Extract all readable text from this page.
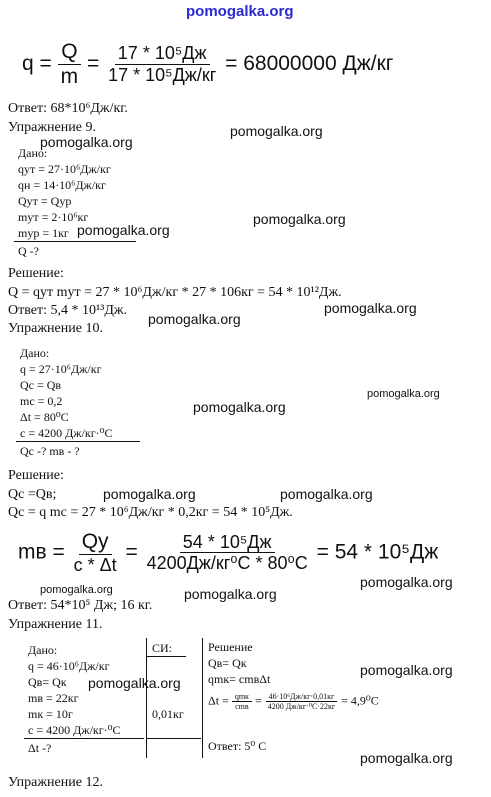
pomogalka.org
pomogalka.org
pomogalka.org
pomogalka.org
pomogalka.org
pomogalka.org
pomogalka.org
pomogalka.org
pomogalka.org
pomogalka.org	pomogalka.org
pomogalka.org
pomogalka.org	pomogalka.org
pomogalka.org
pomogalka.org
pomogalka.org
$q = \frac{Q}{m} = \frac{\text{17 * 10⁵Дж}}{\text{17 * 10⁵Дж/кг}} = 68000000$ Дж/кг
Ответ: 68*10⁶Дж/кг.
Упражнение 9.
Дано:
qут = 27·10⁶Дж/кг
qн = 14·10⁶Дж/кг
Qут = Qур
mут = 2·10⁶кг
mур = 1кг
Q -?
Решение:
Q = qут mут = 27 * 10⁶Дж/кг * 27 * 106кг = 54 * 10¹²Дж.
Ответ: 5,4 * 10¹³Дж.
Упражнение 10.
Дано:
q = 27·10⁶Дж/кг
Qс = Qв
mс = 0,2
Δt = 80⁰C
c = 4200 Дж/кг·⁰C
Qс -? mв - ?
Решение:
Qс =Qв;
Qс = q mс = 27 * 10⁶Дж/кг * 0,2кг = 54 * 10⁵Дж.
mв = $\frac{Qу}{c * \Delta t} = \frac{\text{54 * 10⁵Дж}}{\text{4200Дж/кг⁰С * 80⁰С}} = 54 * 10^5Дж$
Ответ: 54*10⁵ Дж; 16 кг.
Упражнение 11.
Дано:
q = 46·10⁶Дж/кг
Qв= Qк
mв = 22кг
mк = 10г
c = 4200 Дж/кг·⁰C
Δt -?
СИ:
0,01кг
Решение
Qв= Qк
qmк= cmвΔt
$\Delta t = \frac{\text{qmк}}{\text{cmв}} = \frac{\text{46·10⁶Дж/кг·0,01кг}}{\text{4200 Дж/кг·⁰С·22кг}} = 4,9^0C$
Ответ: 5⁰ C
Упражнение 12.
